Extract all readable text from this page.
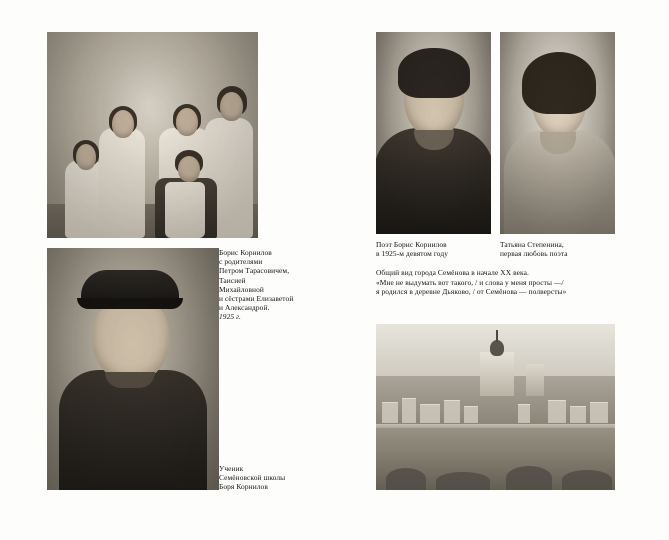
Борис Корнилов
с родителями
Петром Тарасовичем,
Таисией
Михайловной
и сёстрами Елизаветой
и Александрой.
1925 г.
Ученик
Семёновской школы
Боря Корнилов
Поэт Борис Корнилов
в 1925-м девятом году
Татьяна Степенина,
первая любовь поэта
Общий вид города Семёнова в начале XX века.
«Мне не выдумать вот такого, / и слова у меня просты —/
я родился в деревне Дьяково, / от Семёнова — полверсты»
